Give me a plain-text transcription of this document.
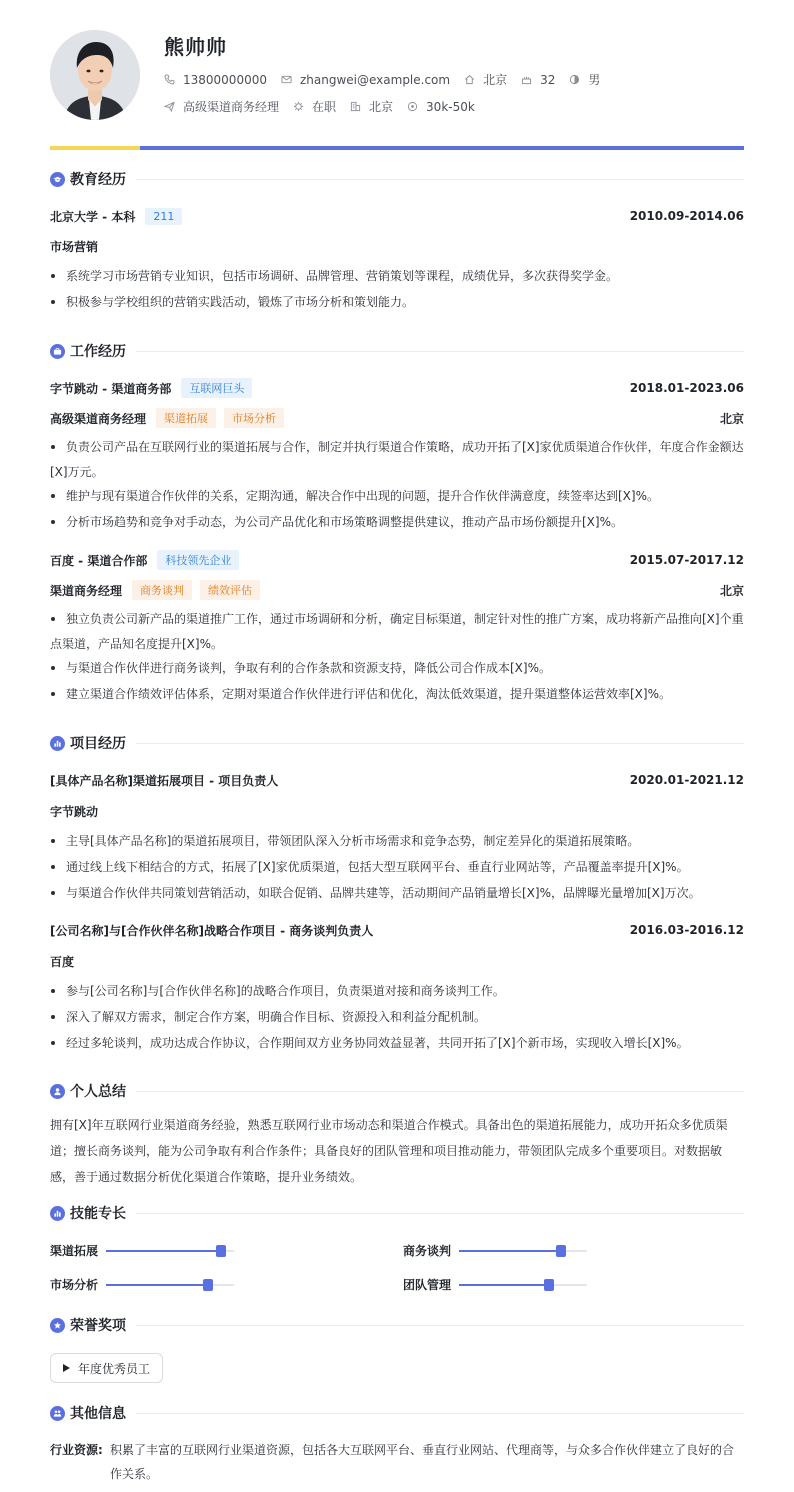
熊帅帅
13800000000	zhangwei@example.com	北京	32	男
高级渠道商务经理	在职	北京	30k-50k
教育经历
北京大学 - 本科	211	2010.09-2014.06
市场营销
系统学习市场营销专业知识，包括市场调研、品牌管理、营销策划等课程，成绩优异，多次获得奖学金。
积极参与学校组织的营销实践活动，锻炼了市场分析和策划能力。
工作经历
字节跳动 - 渠道商务部	互联网巨头	2018.01-2023.06
高级渠道商务经理	渠道拓展	市场分析	北京
负责公司产品在互联网行业的渠道拓展与合作，制定并执行渠道合作策略，成功开拓了[X]家优质渠道合作伙伴，年度合作金额达
[X]万元。
维护与现有渠道合作伙伴的关系，定期沟通，解决合作中出现的问题，提升合作伙伴满意度，续签率达到[X]%。
分析市场趋势和竞争对手动态，为公司产品优化和市场策略调整提供建议，推动产品市场份额提升[X]%。
百度 - 渠道合作部	科技领先企业	2015.07-2017.12
渠道商务经理	商务谈判	绩效评估	北京
独立负责公司新产品的渠道推广工作，通过市场调研和分析，确定目标渠道，制定针对性的推广方案，成功将新产品推向[X]个重
点渠道，产品知名度提升[X]%。
与渠道合作伙伴进行商务谈判，争取有利的合作条款和资源支持，降低公司合作成本[X]%。
建立渠道合作绩效评估体系，定期对渠道合作伙伴进行评估和优化，淘汰低效渠道，提升渠道整体运营效率[X]%。
项目经历
[具体产品名称]渠道拓展项目 - 项目负责人	2020.01-2021.12
字节跳动
主导[具体产品名称]的渠道拓展项目，带领团队深入分析市场需求和竞争态势，制定差异化的渠道拓展策略。
通过线上线下相结合的方式，拓展了[X]家优质渠道，包括大型互联网平台、垂直行业网站等，产品覆盖率提升[X]%。
与渠道合作伙伴共同策划营销活动，如联合促销、品牌共建等，活动期间产品销量增长[X]%，品牌曝光量增加[X]万次。
[公司名称]与[合作伙伴名称]战略合作项目 - 商务谈判负责人	2016.03-2016.12
百度
参与[公司名称]与[合作伙伴名称]的战略合作项目，负责渠道对接和商务谈判工作。
深入了解双方需求，制定合作方案，明确合作目标、资源投入和利益分配机制。
经过多轮谈判，成功达成合作协议，合作期间双方业务协同效益显著，共同开拓了[X]个新市场，实现收入增长[X]%。
个人总结
拥有[X]年互联网行业渠道商务经验，熟悉互联网行业市场动态和渠道合作模式。具备出色的渠道拓展能力，成功开拓众多优质渠
道；擅长商务谈判，能为公司争取有利合作条件；具备良好的团队管理和项目推动能力，带领团队完成多个重要项目。对数据敏
感，善于通过数据分析优化渠道合作策略，提升业务绩效。
技能专长
渠道拓展	商务谈判
市场分析	团队管理
荣誉奖项
年度优秀员工
其他信息
行业资源: 积累了丰富的互联网行业渠道资源，包括各大互联网平台、垂直行业网站、代理商等，与众多合作伙伴建立了良好的合
作关系。
